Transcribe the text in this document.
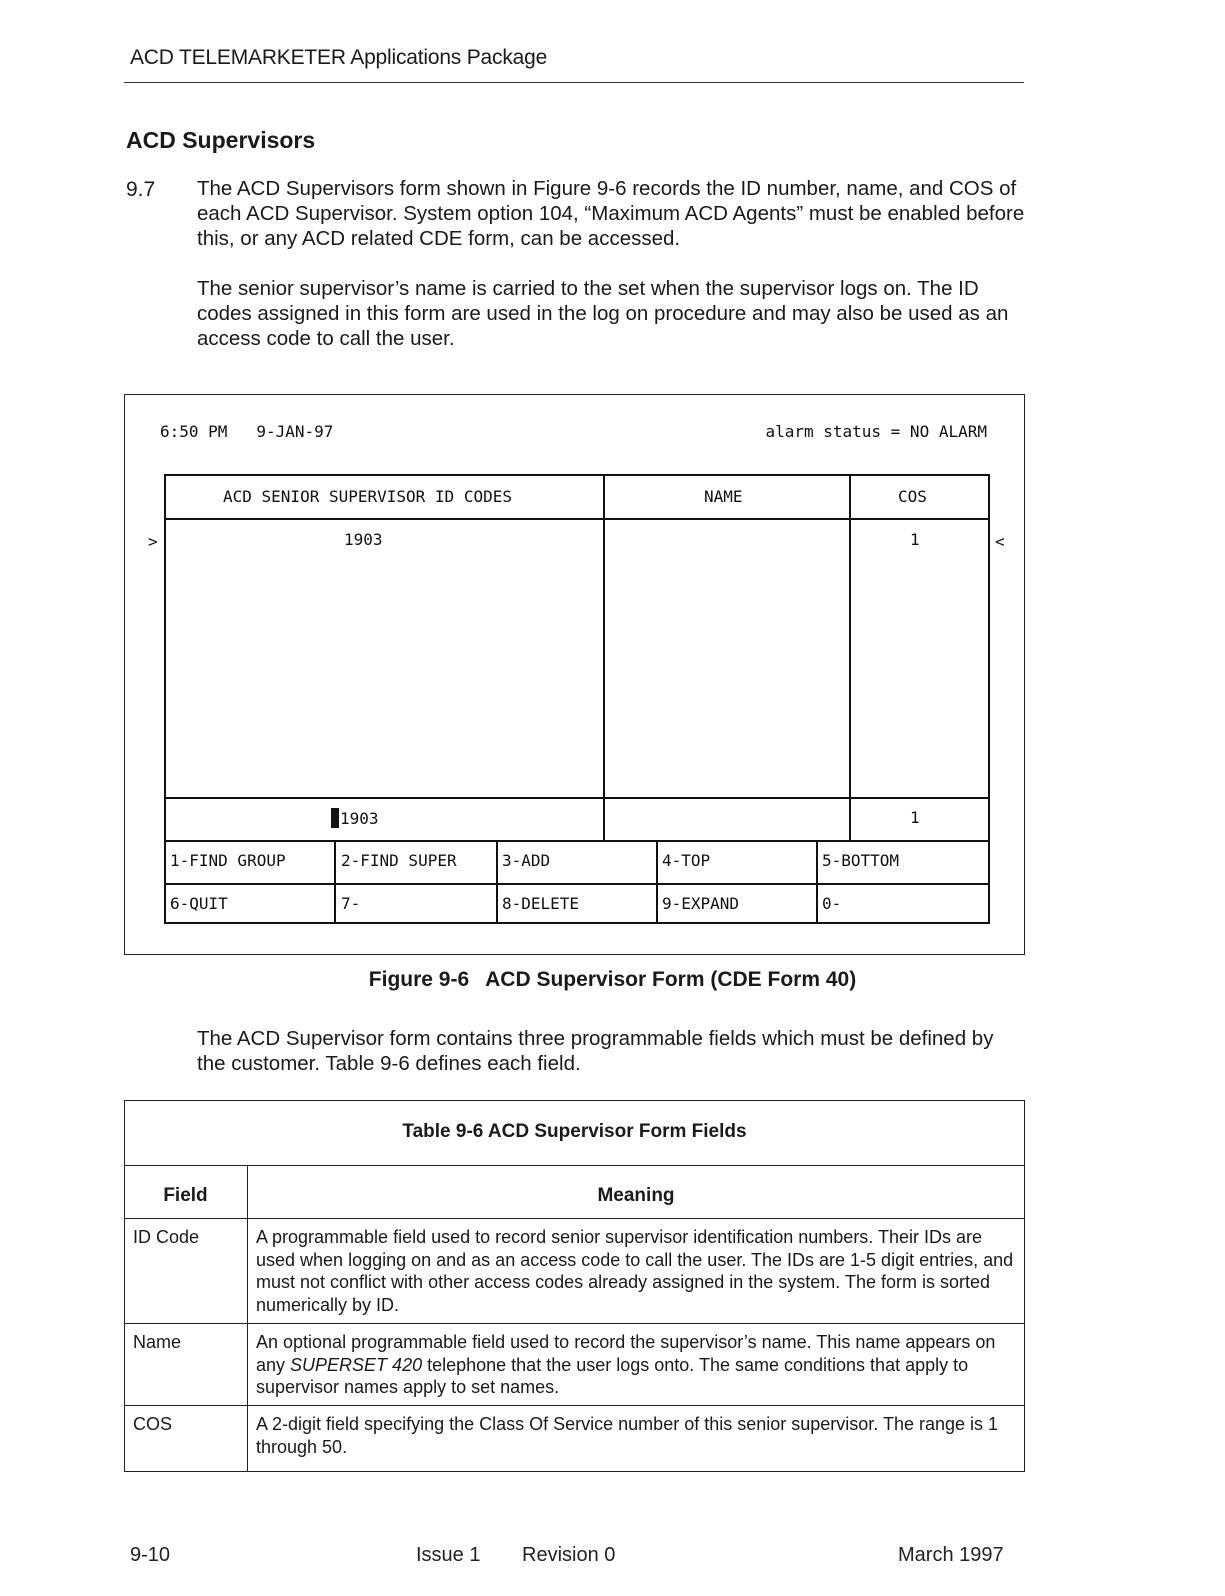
ACD TELEMARKETER Applications Package
ACD Supervisors
9.7 The ACD Supervisors form shown in Figure 9-6 records the ID number, name, and COS of each ACD Supervisor. System option 104, “Maximum ACD Agents” must be enabled before this, or any ACD related CDE form, can be accessed.
The senior supervisor’s name is carried to the set when the supervisor logs on. The ID codes assigned in this form are used in the log on procedure and may also be used as an access code to call the user.
6:50 PM 9-JAN-97	alarm status = NO ALARM
ACD SENIOR SUPERVISOR ID CODES	NAME	COS
>	1903	1	<
1903	1
1-FIND GROUP	2-FIND SUPER	3-ADD	4-TOP	5-BOTTOM
6-QUIT	7-	8-DELETE	9-EXPAND	0-
Figure 9-6 ACD Supervisor Form (CDE Form 40)
The ACD Supervisor form contains three programmable fields which must be defined by the customer. Table 9-6 defines each field.
Table 9-6 ACD Supervisor Form Fields
Field	Meaning
ID Code	A programmable field used to record senior supervisor identification numbers. Their IDs are used when logging on and as an access code to call the user. The IDs are 1-5 digit entries, and must not conflict with other access codes already assigned in the system. The form is sorted numerically by ID.
Name	An optional programmable field used to record the supervisor’s name. This name appears on any SUPERSET 420 telephone that the user logs onto. The same conditions that apply to supervisor names apply to set names.
COS	A 2-digit field specifying the Class Of Service number of this senior supervisor. The range is 1 through 50.
9-10	Issue 1 Revision 0	March 1997
